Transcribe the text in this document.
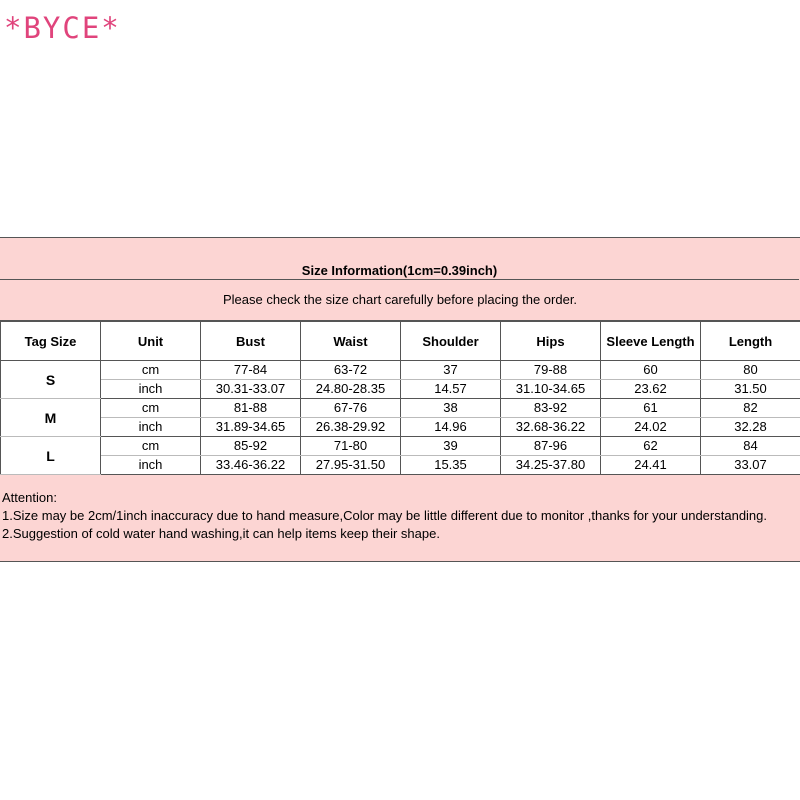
*BYCE*
Size Information(1cm=0.39inch)
Please check the size chart carefully before placing the order.
Tag Size	Unit	Bust	Waist	Shoulder	Hips	Sleeve Length	Length
S	cm	77-84	63-72	37	79-88	60	80
	inch	30.31-33.07	24.80-28.35	14.57	31.10-34.65	23.62	31.50
M	cm	81-88	67-76	38	83-92	61	82
	inch	31.89-34.65	26.38-29.92	14.96	32.68-36.22	24.02	32.28
L	cm	85-92	71-80	39	87-96	62	84
	inch	33.46-36.22	27.95-31.50	15.35	34.25-37.80	24.41	33.07
Attention:
1.Size may be 2cm/1inch inaccuracy due to hand measure,Color may be little different due to monitor ,thanks for your understanding.
2.Suggestion of cold water hand washing,it can help items keep their shape.
